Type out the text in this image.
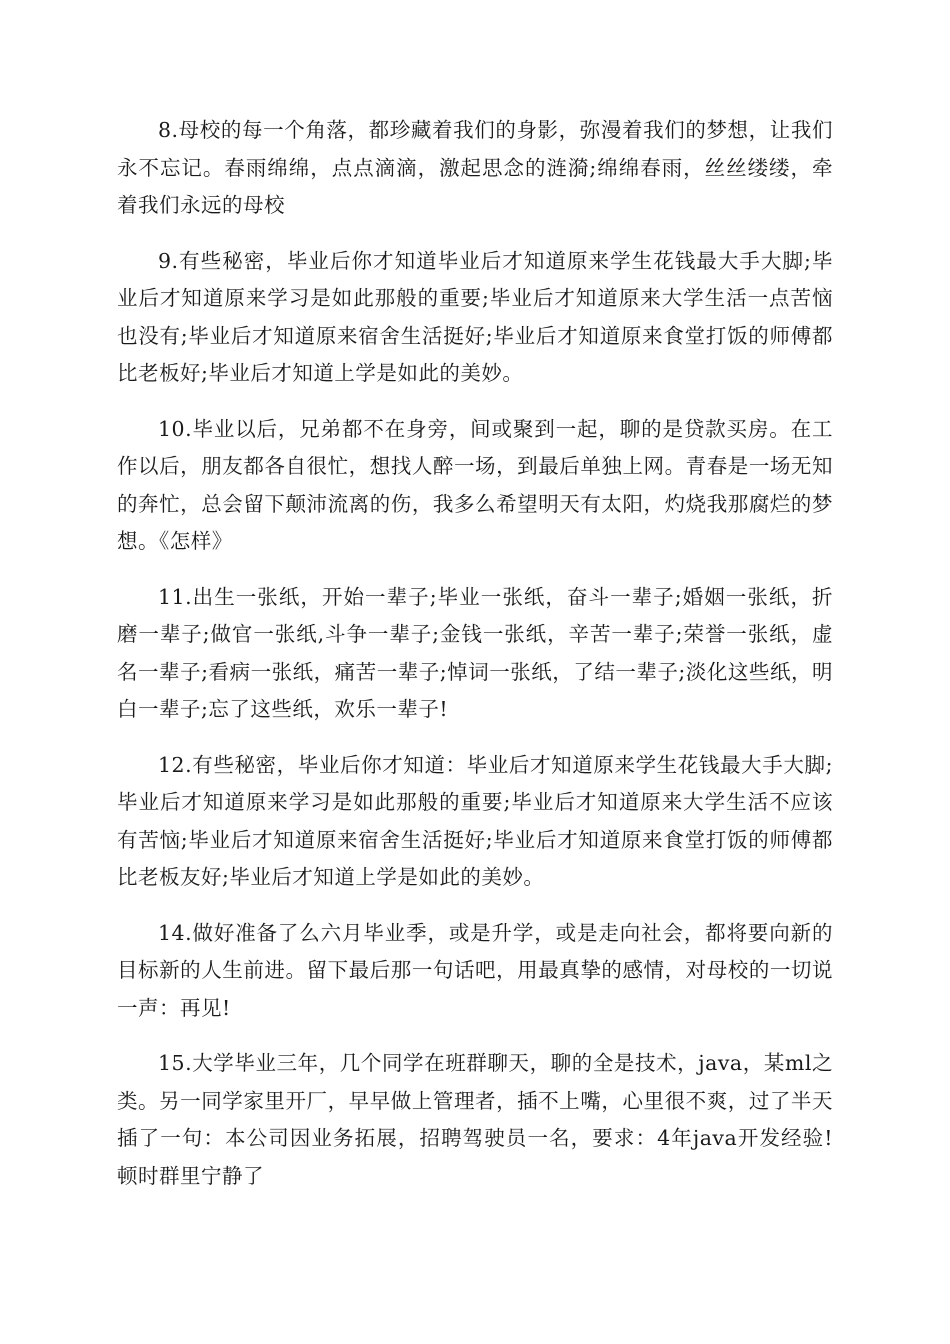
8.母校的每一个角落，都珍藏着我们的身影，弥漫着我们的梦想，让我们永不忘记。春雨绵绵，点点滴滴，激起思念的涟漪;绵绵春雨，丝丝缕缕，牵着我们永远的母校

9.有些秘密，毕业后你才知道毕业后才知道原来学生花钱最大手大脚;毕业后才知道原来学习是如此那般的重要;毕业后才知道原来大学生活一点苦恼也没有;毕业后才知道原来宿舍生活挺好;毕业后才知道原来食堂打饭的师傅都比老板好;毕业后才知道上学是如此的美妙。

10.毕业以后，兄弟都不在身旁，间或聚到一起，聊的是贷款买房。在工作以后，朋友都各自很忙，想找人醉一场，到最后单独上网。青春是一场无知的奔忙，总会留下颠沛流离的伤，我多么希望明天有太阳，灼烧我那腐烂的梦想。《怎样》

11.出生一张纸，开始一辈子;毕业一张纸，奋斗一辈子;婚姻一张纸，折磨一辈子;做官一张纸,斗争一辈子;金钱一张纸，辛苦一辈子;荣誉一张纸，虚名一辈子;看病一张纸，痛苦一辈子;悼词一张纸，了结一辈子;淡化这些纸，明白一辈子;忘了这些纸，欢乐一辈子!

12.有些秘密，毕业后你才知道：毕业后才知道原来学生花钱最大手大脚;毕业后才知道原来学习是如此那般的重要;毕业后才知道原来大学生活不应该有苦恼;毕业后才知道原来宿舍生活挺好;毕业后才知道原来食堂打饭的师傅都比老板友好;毕业后才知道上学是如此的美妙。

14.做好准备了么六月毕业季，或是升学，或是走向社会，都将要向新的目标新的人生前进。留下最后那一句话吧，用最真挚的感情，对母校的一切说一声：再见!

15.大学毕业三年，几个同学在班群聊天，聊的全是技术，java，某ml之类。另一同学家里开厂，早早做上管理者，插不上嘴，心里很不爽，过了半天插了一句：本公司因业务拓展，招聘驾驶员一名，要求：4年java开发经验!顿时群里宁静了
